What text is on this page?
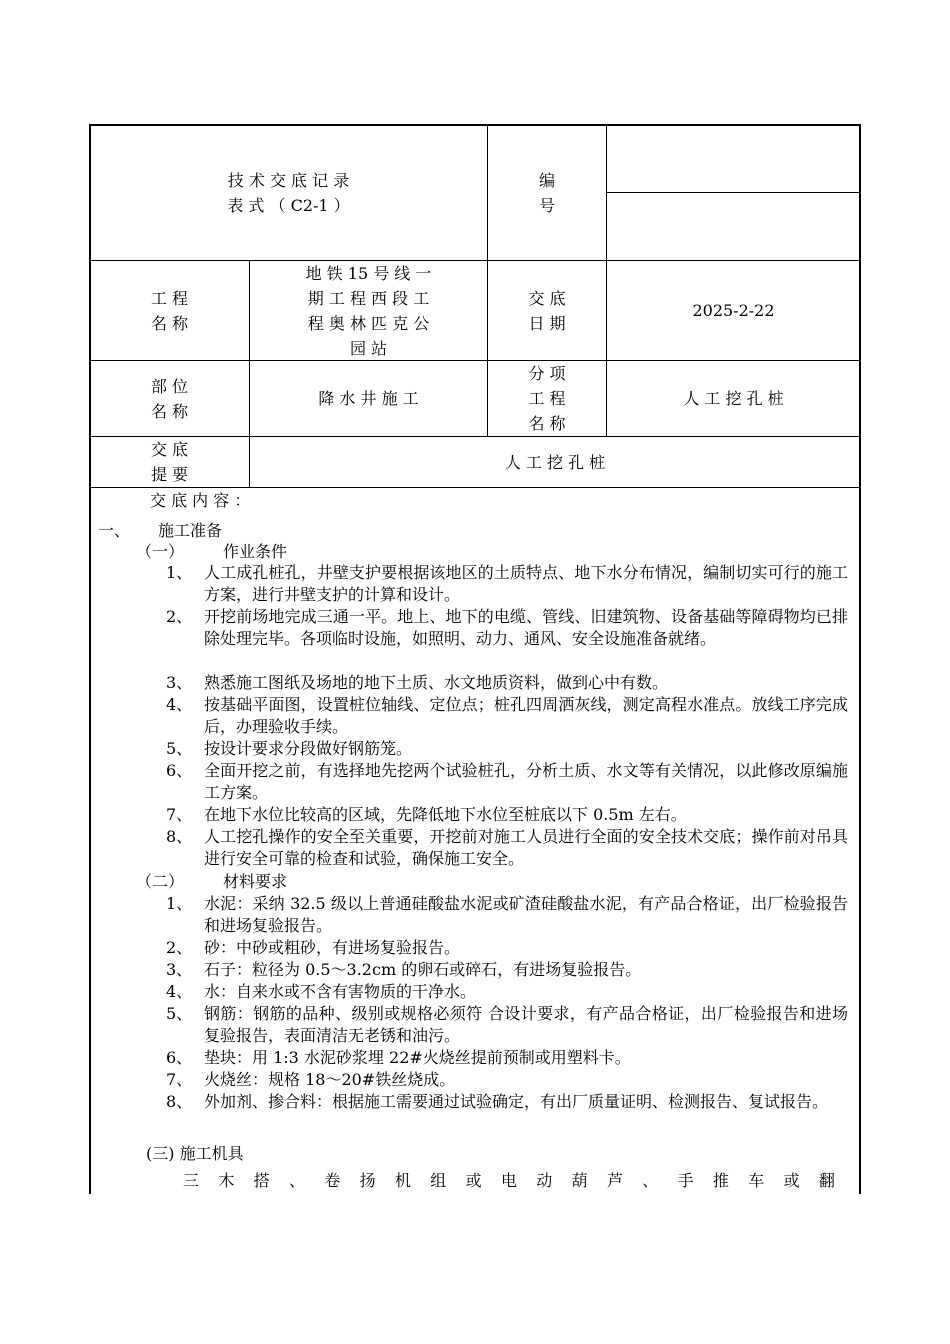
技 术 交 底 记 录
表 式 （ C2-1 ）
编
号
工 程
名 称
地 铁 15 号 线 一
期 工 程 西 段 工
程 奥 林 匹 克 公
园 站
交 底
日 期
2025-2-22
部 位
名 称
降 水 井 施 工
分 项
工 程
名 称
人 工 挖 孔 桩
交 底
提 要
人 工 挖 孔 桩
交 底 内 容 ：
一、 施工准备
（一） 作业条件
1、 人工成孔桩孔，井壁支护要根据该地区的土质特点、地下水分布情况，编制切实可行的施工方案，进行井壁支护的计算和设计。
2、 开挖前场地完成三通一平。地上、地下的电缆、管线、旧建筑物、设备基础等障碍物均已排除处理完毕。各项临时设施，如照明、动力、通风、安全设施准备就绪。
3、 熟悉施工图纸及场地的地下土质、水文地质资料，做到心中有数。
4、 按基础平面图，设置桩位轴线、定位点；桩孔四周洒灰线，测定高程水准点。放线工序完成后，办理验收手续。
5、 按设计要求分段做好钢筋笼。
6、 全面开挖之前，有选择地先挖两个试验桩孔，分析土质、水文等有关情况，以此修改原编施工方案。
7、 在地下水位比较高的区域，先降低地下水位至桩底以下 0.5m 左右。
8、 人工挖孔操作的安全至关重要，开挖前对施工人员进行全面的安全技术交底；操作前对吊具进行安全可靠的检查和试验，确保施工安全。
（二） 材料要求
1、 水泥：采纳 32.5 级以上普通硅酸盐水泥或矿渣硅酸盐水泥，有产品合格证，出厂检验报告和进场复验报告。
2、 砂：中砂或粗砂，有进场复验报告。
3、 石子：粒径为 0.5～3.2cm 的卵石或碎石，有进场复验报告。
4、 水：自来水或不含有害物质的干净水。
5、 钢筋：钢筋的品种、级别或规格必须符 合设计要求，有产品合格证，出厂检验报告和进场复验报告，表面清洁无老锈和油污。
6、 垫块：用 1:3 水泥砂浆埋 22#火烧丝提前预制或用塑料卡。
7、 火烧丝：规格 18～20#铁丝烧成。
8、 外加剂、掺合料：根据施工需要通过试验确定，有出厂质量证明、检测报告、复试报告。
(三) 施工机具
三 木 搭 、 卷 扬 机 组 或 电 动 葫 芦 、 手 推 车 或 翻
